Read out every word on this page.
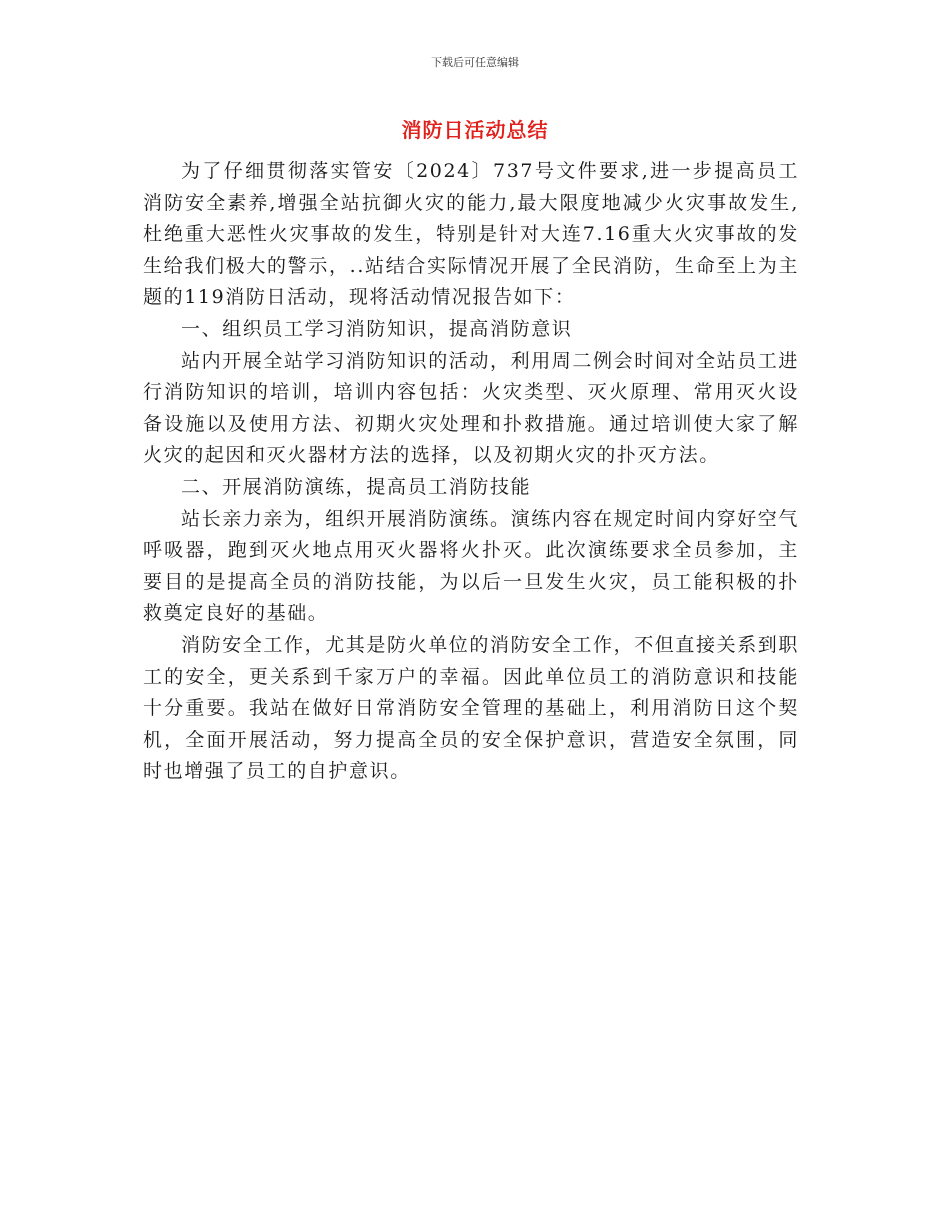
下载后可任意编辑
消防日活动总结

为了仔细贯彻落实管安〔2024〕737号文件要求,进一步提高员工消防安全素养,增强全站抗御火灾的能力,最大限度地减少火灾事故发生,杜绝重大恶性火灾事故的发生，特别是针对大连7.16重大火灾事故的发生给我们极大的警示，..站结合实际情况开展了全民消防，生命至上为主题的119消防日活动，现将活动情况报告如下：

一、组织员工学习消防知识，提高消防意识

站内开展全站学习消防知识的活动，利用周二例会时间对全站员工进行消防知识的培训，培训内容包括：火灾类型、灭火原理、常用灭火设备设施以及使用方法、初期火灾处理和扑救措施。通过培训使大家了解火灾的起因和灭火器材方法的选择，以及初期火灾的扑灭方法。

二、开展消防演练，提高员工消防技能

站长亲力亲为，组织开展消防演练。演练内容在规定时间内穿好空气呼吸器，跑到灭火地点用灭火器将火扑灭。此次演练要求全员参加，主要目的是提高全员的消防技能，为以后一旦发生火灾，员工能积极的扑救奠定良好的基础。

消防安全工作，尤其是防火单位的消防安全工作，不但直接关系到职工的安全，更关系到千家万户的幸福。因此单位员工的消防意识和技能十分重要。我站在做好日常消防安全管理的基础上，利用消防日这个契机，全面开展活动，努力提高全员的安全保护意识，营造安全氛围，同时也增强了员工的自护意识。
